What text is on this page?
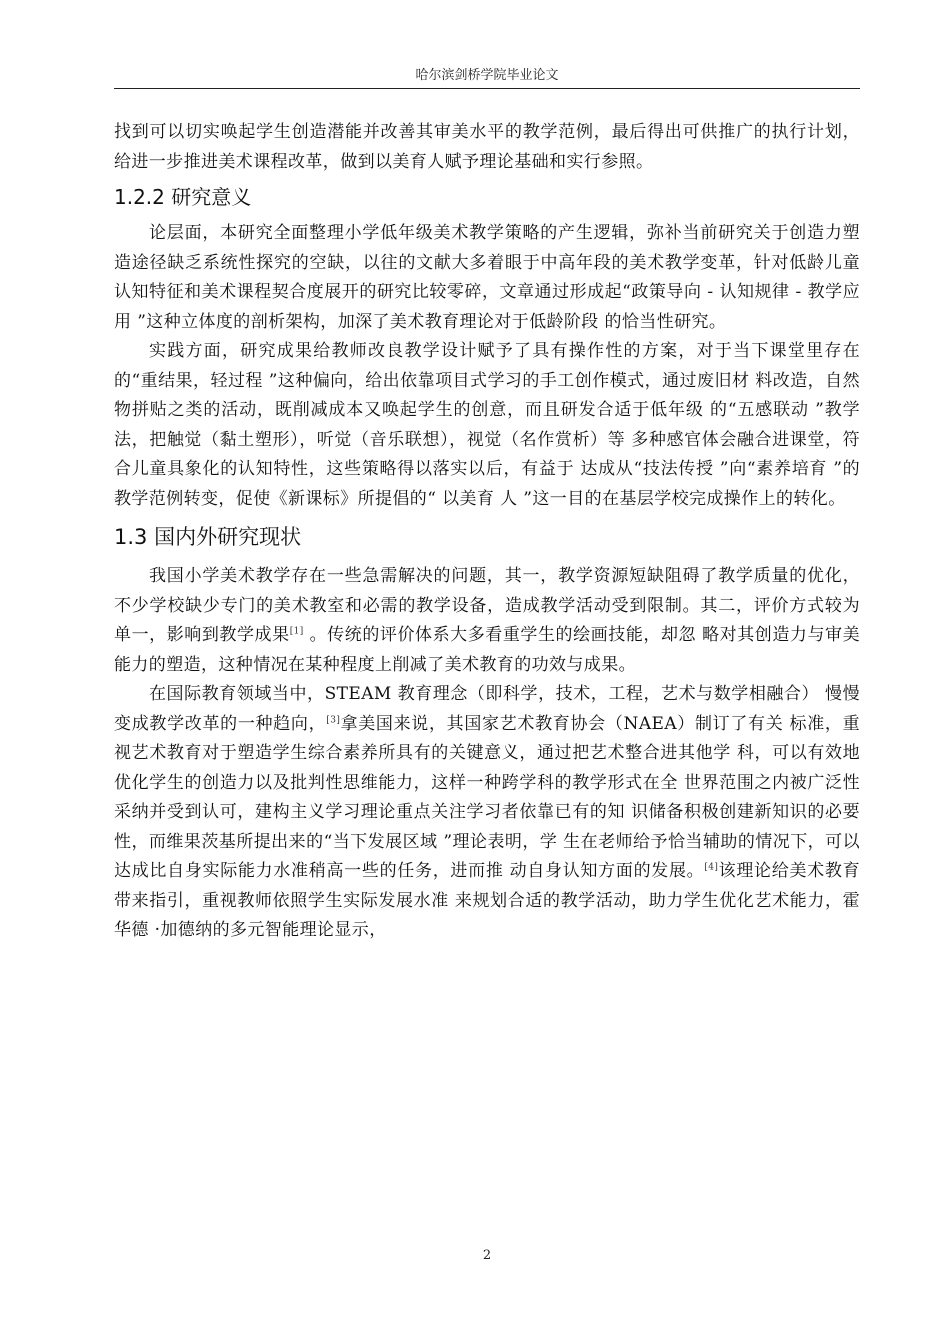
哈尔滨剑桥学院毕业论文

找到可以切实唤起学生创造潜能并改善其审美水平的教学范例，最后得出可供推广的执行计划，给进一步推进美术课程改革，做到以美育人赋予理论基础和实行参照。

1.2.2 研究意义

论层面，本研究全面整理小学低年级美术教学策略的产生逻辑，弥补当前研究关于创造力塑造途径缺乏系统性探究的空缺，以往的文献大多着眼于中高年段的美术教学变革，针对低龄儿童认知特征和美术课程契合度展开的研究比较零碎，文章通过形成起“政策导向 - 认知规律 - 教学应用 ”这种立体度的剖析架构，加深了美术教育理论对于低龄阶段 的恰当性研究。

实践方面，研究成果给教师改良教学设计赋予了具有操作性的方案，对于当下课堂里存在的“重结果，轻过程 ”这种偏向，给出依靠项目式学习的手工创作模式，通过废旧材 料改造，自然物拼贴之类的活动，既削减成本又唤起学生的创意，而且研发合适于低年级 的“五感联动 ”教学法，把触觉（黏土塑形），听觉（音乐联想），视觉（名作赏析）等 多种感官体会融合进课堂，符合儿童具象化的认知特性，这些策略得以落实以后，有益于 达成从“技法传授 ”向“素养培育 ”的教学范例转变，促使《新课标》所提倡的“ 以美育 人 ”这一目的在基层学校完成操作上的转化。

1.3 国内外研究现状

我国小学美术教学存在一些急需解决的问题，其一，教学资源短缺阻碍了教学质量的优化，不少学校缺少专门的美术教室和必需的教学设备，造成教学活动受到限制。其二，评价方式较为单一，影响到教学成果[1] 。传统的评价体系大多看重学生的绘画技能，却忽 略对其创造力与审美能力的塑造，这种情况在某种程度上削减了美术教育的功效与成果。

在国际教育领域当中，STEAM 教育理念（即科学，技术，工程，艺术与数学相融合） 慢慢变成教学改革的一种趋向，[3]拿美国来说，其国家艺术教育协会（NAEA）制订了有关 标准，重视艺术教育对于塑造学生综合素养所具有的关键意义，通过把艺术整合进其他学 科，可以有效地优化学生的创造力以及批判性思维能力，这样一种跨学科的教学形式在全 世界范围之内被广泛性采纳并受到认可，建构主义学习理论重点关注学习者依靠已有的知 识储备积极创建新知识的必要性，而维果茨基所提出来的“当下发展区域 ”理论表明，学 生在老师给予恰当辅助的情况下，可以达成比自身实际能力水准稍高一些的任务，进而推 动自身认知方面的发展。[4]该理论给美术教育带来指引，重视教师依照学生实际发展水准 来规划合适的教学活动，助力学生优化艺术能力，霍华德 ·加德纳的多元智能理论显示，

2
